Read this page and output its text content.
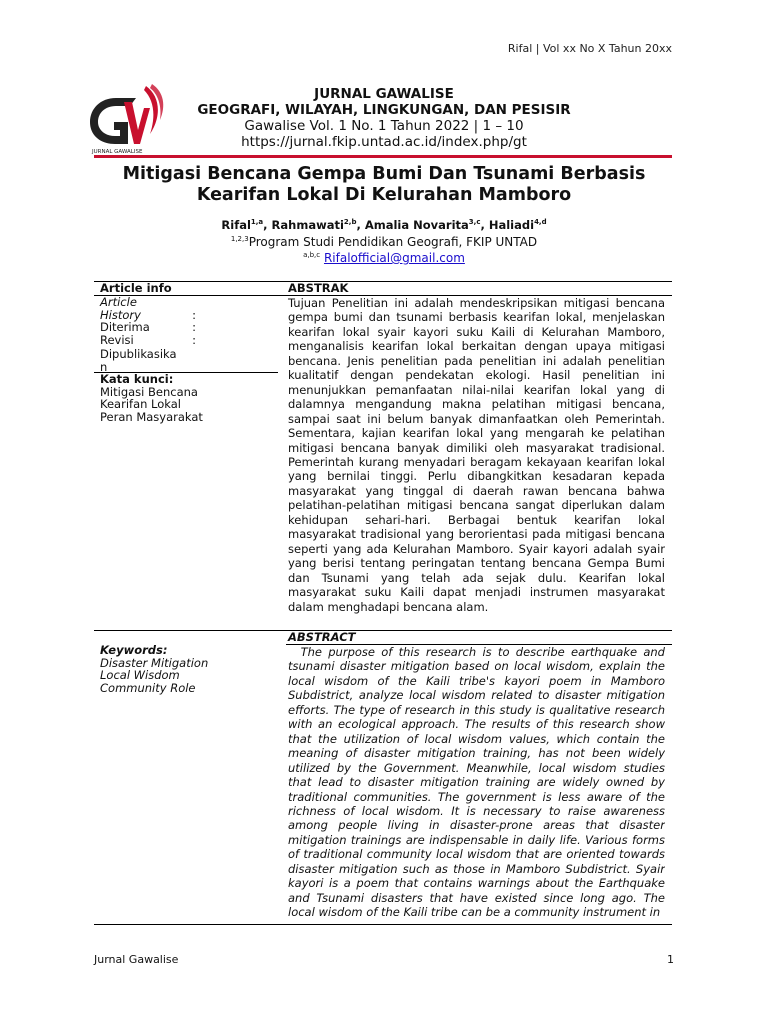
Rifal | Vol xx No X Tahun 20xx
JURNAL GAWALISE
JURNAL GAWALISE
GEOGRAFI, WILAYAH, LINGKUNGAN, DAN PESISIR
Gawalise Vol. 1 No. 1 Tahun 2022 | 1 – 10
https://jurnal.fkip.untad.ac.id/index.php/gt
Mitigasi Bencana Gempa Bumi Dan Tsunami Berbasis
Kearifan Lokal Di Kelurahan Mamboro
Rifal$^{1,a}$, Rahmawati$^{2,b}$, Amalia Novarita$^{3,c}$, Haliadi$^{4,d}$
$^{1,2,3}$Program Studi Pendidikan Geografi, FKIP UNTAD
$^{a,b,c}$ Rifalofficial@gmail.com
Article info
Article
History	:
Diterima	:
Revisi	:
Dipublikasika
n
Kata kunci:
Mitigasi Bencana
Kearifan Lokal
Peran Masyarakat
ABSTRAK
Tujuan Penelitian ini adalah mendeskripsikan mitigasi bencana gempa bumi dan tsunami berbasis kearifan lokal, menjelaskan kearifan lokal syair kayori suku Kaili di Kelurahan Mamboro, menganalisis kearifan lokal berkaitan dengan upaya mitigasi bencana. Jenis penelitian pada penelitian ini adalah penelitian kualitatif dengan pendekatan ekologi. Hasil penelitian ini menunjukkan pemanfaatan nilai-nilai kearifan lokal yang di dalamnya mengandung makna pelatihan mitigasi bencana, sampai saat ini belum banyak dimanfaatkan oleh Pemerintah. Sementara, kajian kearifan lokal yang mengarah ke pelatihan mitigasi bencana banyak dimiliki oleh masyarakat tradisional. Pemerintah kurang menyadari beragam kekayaan kearifan lokal yang bernilai tinggi. Perlu dibangkitkan kesadaran kepada masyarakat yang tinggal di daerah rawan bencana bahwa pelatihan-pelatihan mitigasi bencana sangat diperlukan dalam kehidupan sehari-hari. Berbagai bentuk kearifan lokal masyarakat tradisional yang berorientasi pada mitigasi bencana seperti yang ada Kelurahan Mamboro. Syair kayori adalah syair yang berisi tentang peringatan tentang bencana Gempa Bumi dan Tsunami yang telah ada sejak dulu. Kearifan lokal masyarakat suku Kaili dapat menjadi instrumen masyarakat dalam menghadapi bencana alam.
Keywords:
Disaster Mitigation
Local Wisdom
Community Role
ABSTRACT
The purpose of this research is to describe earthquake and tsunami disaster mitigation based on local wisdom, explain the local wisdom of the Kaili tribe's kayori poem in Mamboro Subdistrict, analyze local wisdom related to disaster mitigation efforts. The type of research in this study is qualitative research with an ecological approach. The results of this research show that the utilization of local wisdom values, which contain the meaning of disaster mitigation training, has not been widely utilized by the Government. Meanwhile, local wisdom studies that lead to disaster mitigation training are widely owned by traditional communities. The government is less aware of the richness of local wisdom. It is necessary to raise awareness among people living in disaster-prone areas that disaster mitigation trainings are indispensable in daily life. Various forms of traditional community local wisdom that are oriented towards disaster mitigation such as those in Mamboro Subdistrict. Syair kayori is a poem that contains warnings about the Earthquake and Tsunami disasters that have existed since long ago. The local wisdom of the Kaili tribe can be a community instrument in
Jurnal Gawalise	1
